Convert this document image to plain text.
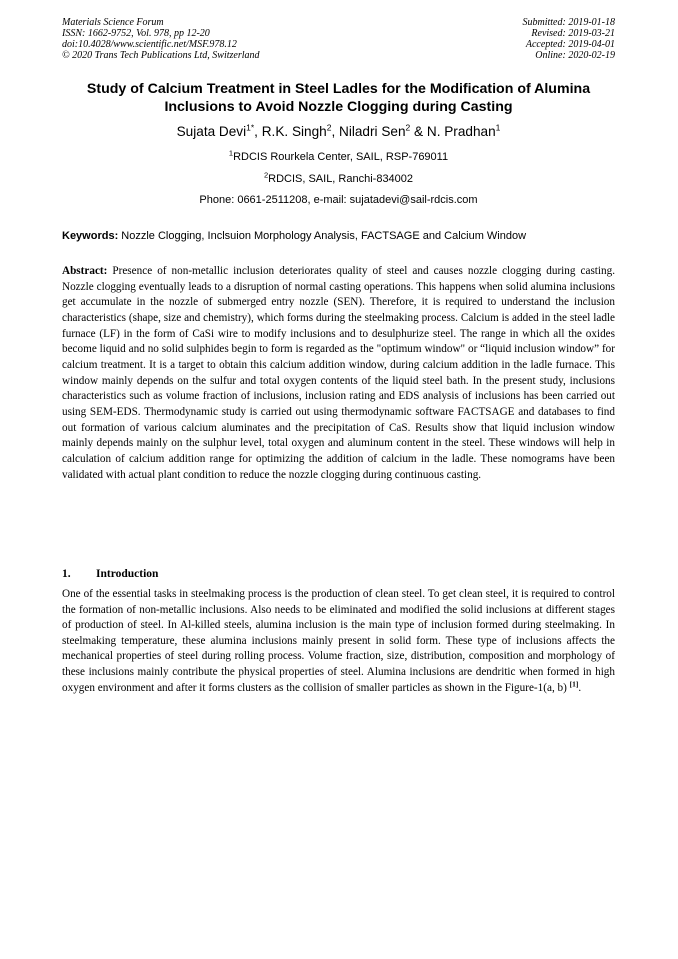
Materials Science Forum
ISSN: 1662-9752, Vol. 978, pp 12-20
doi:10.4028/www.scientific.net/MSF.978.12
© 2020 Trans Tech Publications Ltd, Switzerland
Submitted: 2019-01-18
Revised: 2019-03-21
Accepted: 2019-04-01
Online: 2020-02-19
Study of Calcium Treatment in Steel Ladles for the Modification of Alumina Inclusions to Avoid Nozzle Clogging during Casting
Sujata Devi$^{1*}$, R.K. Singh$^2$, Niladri Sen$^2$ & N. Pradhan$^1$
$^1$RDCIS Rourkela Center, SAIL, RSP-769011
$^2$RDCIS, SAIL, Ranchi-834002
Phone: 0661-2511208, e-mail: sujatadevi@sail-rdcis.com
Keywords: Nozzle Clogging, Inclsuion Morphology Analysis, FACTSAGE and Calcium Window

Abstract: Presence of non-metallic inclusion deteriorates quality of steel and causes nozzle clogging during casting. Nozzle clogging eventually leads to a disruption of normal casting operations. This happens when solid alumina inclusions get accumulate in the nozzle of submerged entry nozzle (SEN). Therefore, it is required to understand the inclusion characteristics (shape, size and chemistry), which forms during the steelmaking process. Calcium is added in the steel ladle furnace (LF) in the form of CaSi wire to modify inclusions and to desulphurize steel. The range in which all the oxides become liquid and no solid sulphides begin to form is regarded as the "optimum window" or “liquid inclusion window” for calcium treatment. It is a target to obtain this calcium addition window, during calcium addition in the ladle furnace. This window mainly depends on the sulfur and total oxygen contents of the liquid steel bath. In the present study, inclusions characteristics such as volume fraction of inclusions, inclusion rating and EDS analysis of inclusions has been carried out using SEM-EDS. Thermodynamic study is carried out using thermodynamic software FACTSAGE and databases to find out formation of various calcium aluminates and the precipitation of CaS. Results show that liquid inclusion window mainly depends mainly on the sulphur level, total oxygen and aluminum content in the steel. These windows will help in calculation of calcium addition range for optimizing the addition of calcium in the ladle. These nomograms have been validated with actual plant condition to reduce the nozzle clogging during continuous casting.

1. Introduction

One of the essential tasks in steelmaking process is the production of clean steel. To get clean steel, it is required to control the formation of non-metallic inclusions. Also needs to be eliminated and modified the solid inclusions at different stages of production of steel. In Al-killed steels, alumina inclusion is the main type of inclusion formed during steelmaking. In steelmaking temperature, these alumina inclusions mainly present in solid form. These type of inclusions affects the mechanical properties of steel during rolling process. Volume fraction, size, distribution, composition and morphology of these inclusions mainly contribute the physical properties of steel. Alumina inclusions are dendritic when formed in high oxygen environment and after it forms clusters as the collision of smaller particles as shown in the Figure-1(a, b) [1].
